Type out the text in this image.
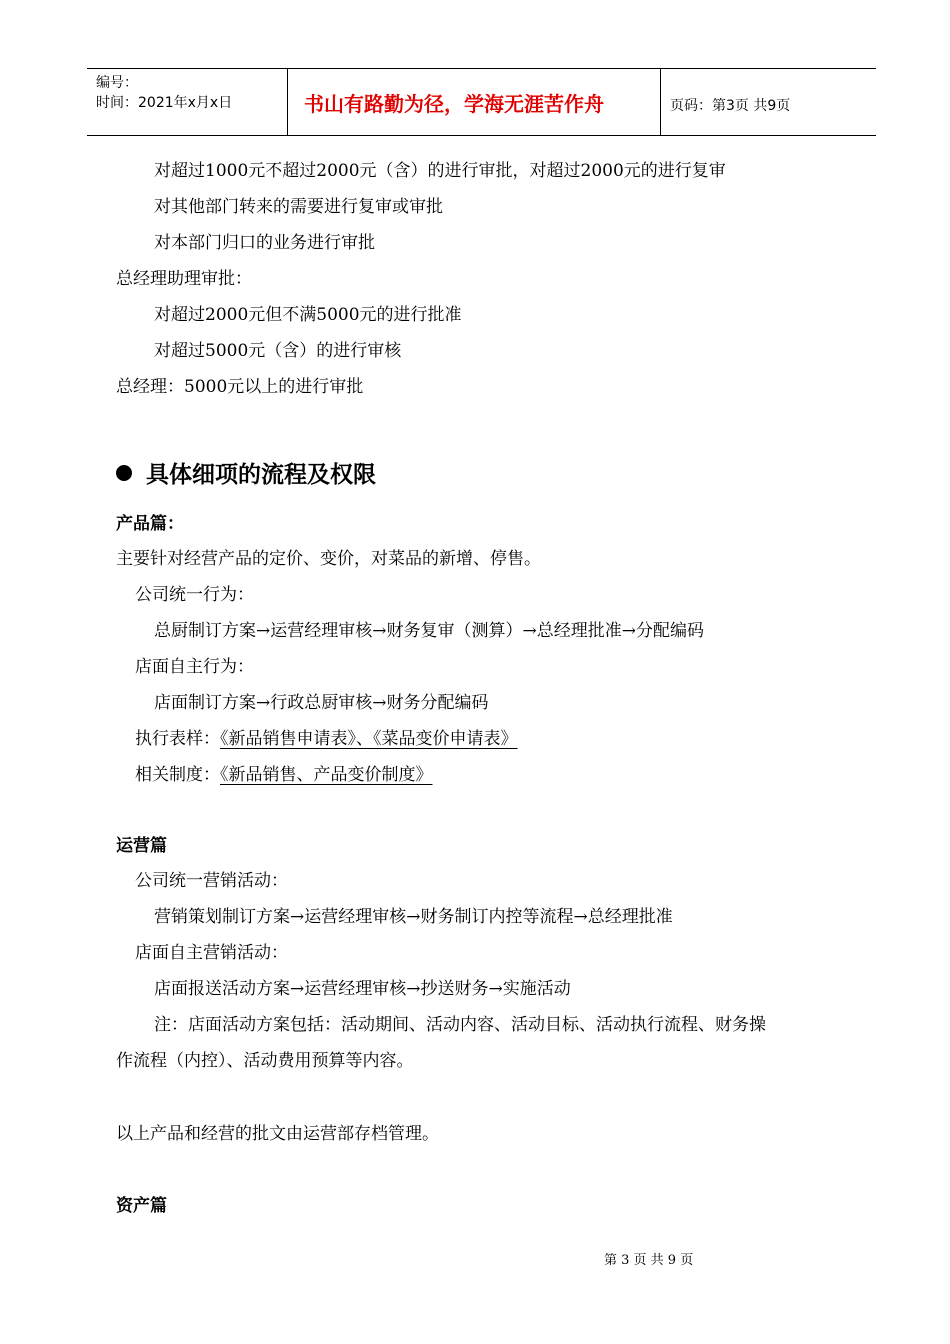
编号：
时间：2021年x月x日	书山有路勤为径，学海无涯苦作舟	页码：第3页 共9页
对超过1000元不超过2000元（含）的进行审批，对超过2000元的进行复审
对其他部门转来的需要进行复审或审批
对本部门归口的业务进行审批
总经理助理审批：
对超过2000元但不满5000元的进行批准
对超过5000元（含）的进行审核
总经理：5000元以上的进行审批
具体细项的流程及权限
产品篇：
主要针对经营产品的定价、变价，对菜品的新增、停售。
公司统一行为：
总厨制订方案→运营经理审核→财务复审（测算）→总经理批准→分配编码
店面自主行为：
店面制订方案→行政总厨审核→财务分配编码
执行表样：《新品销售申请表》、《菜品变价申请表》
相关制度：《新品销售、产品变价制度》
运营篇
公司统一营销活动：
营销策划制订方案→运营经理审核→财务制订内控等流程→总经理批准
店面自主营销活动：
店面报送活动方案→运营经理审核→抄送财务→实施活动
注：店面活动方案包括：活动期间、活动内容、活动目标、活动执行流程、财务操
作流程（内控）、活动费用预算等内容。
以上产品和经营的批文由运营部存档管理。
资产篇
第 3 页 共 9 页
